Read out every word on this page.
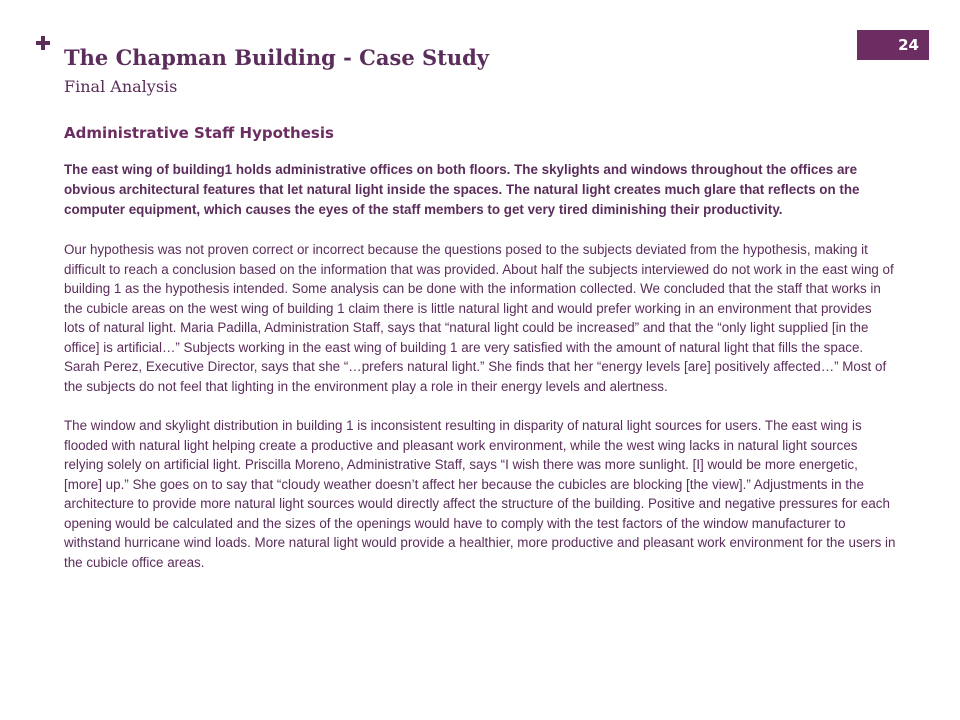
24
The Chapman Building - Case Study
Final Analysis
Administrative Staff Hypothesis

The east wing of building1 holds administrative offices on both floors. The skylights and windows throughout the offices are obvious architectural features that let natural light inside the spaces. The natural light creates much glare that reflects on the computer equipment, which causes the eyes of the staff members to get very tired diminishing their productivity.

Our hypothesis was not proven correct or incorrect because the questions posed to the subjects deviated from the hypothesis, making it difficult to reach a conclusion based on the information that was provided. About half the subjects interviewed do not work in the east wing of building 1 as the hypothesis intended. Some analysis can be done with the information collected. We concluded that the staff that works in the cubicle areas on the west wing of building 1 claim there is little natural light and would prefer working in an environment that provides lots of natural light. Maria Padilla, Administration Staff, says that “natural light could be increased” and that the “only light supplied [in the office] is artificial…” Subjects working in the east wing of building 1 are very satisfied with the amount of natural light that fills the space. Sarah Perez, Executive Director, says that she “…prefers natural light.” She finds that her “energy levels [are] positively affected…” Most of the subjects do not feel that lighting in the environment play a role in their energy levels and alertness.

The window and skylight distribution in building 1 is inconsistent resulting in disparity of natural light sources for users. The east wing is flooded with natural light helping create a productive and pleasant work environment, while the west wing lacks in natural light sources relying solely on artificial light. Priscilla Moreno, Administrative Staff, says “I wish there was more sunlight. [I] would be more energetic, [more] up.” She goes on to say that “cloudy weather doesn’t affect her because the cubicles are blocking [the view].” Adjustments in the architecture to provide more natural light sources would directly affect the structure of the building. Positive and negative pressures for each opening would be calculated and the sizes of the openings would have to comply with the test factors of the window manufacturer to withstand hurricane wind loads. More natural light would provide a healthier, more productive and pleasant work environment for the users in the cubicle office areas.
